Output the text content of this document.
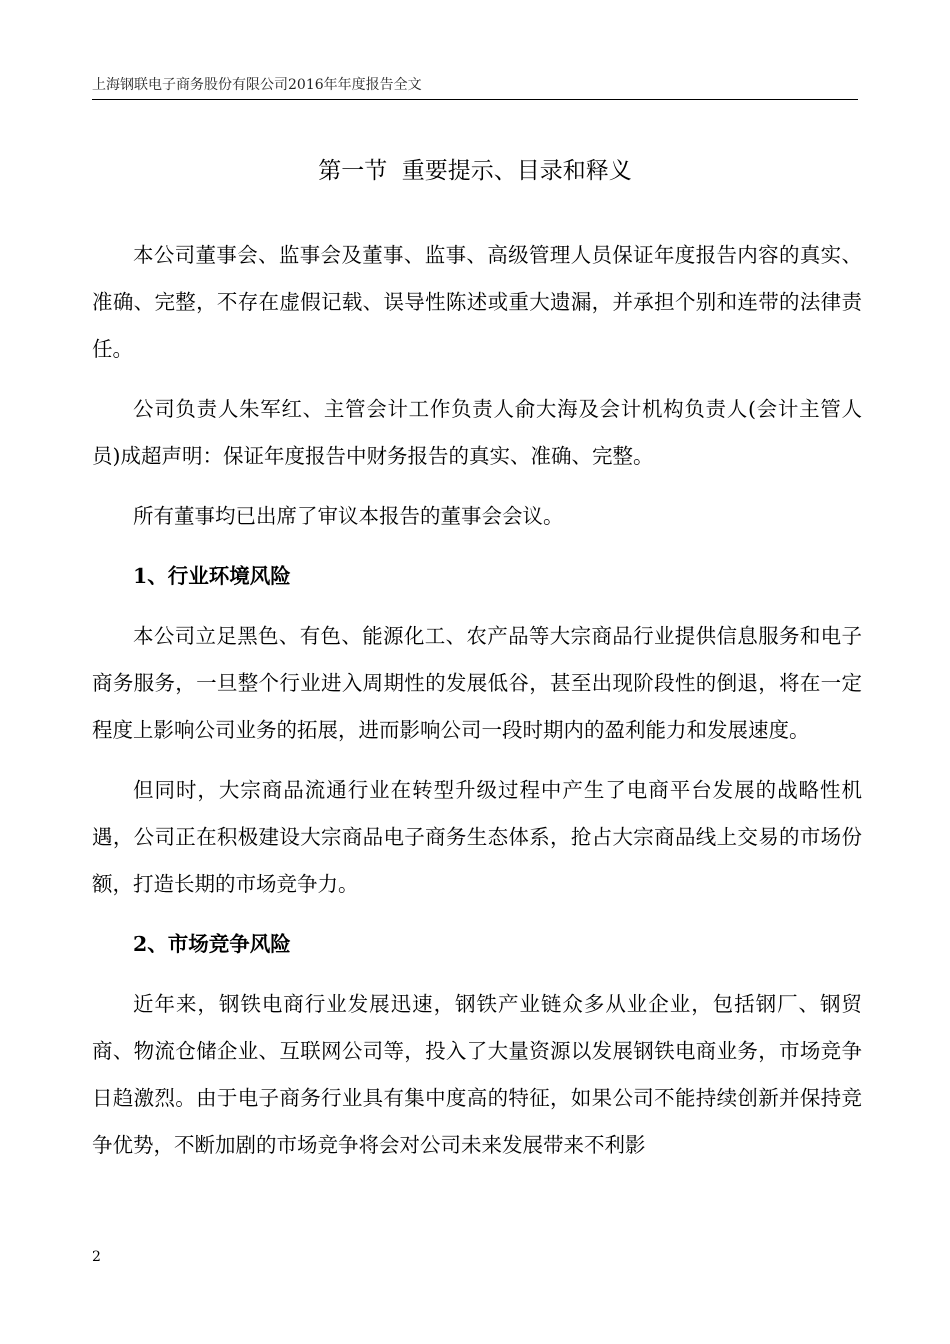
上海钢联电子商务股份有限公司2016年年度报告全文
第一节  重要提示、目录和释义

本公司董事会、监事会及董事、监事、高级管理人员保证年度报告内容的真实、准确、完整，不存在虚假记载、误导性陈述或重大遗漏，并承担个别和连带的法律责任。

公司负责人朱军红、主管会计工作负责人俞大海及会计机构负责人(会计主管人员)成超声明：保证年度报告中财务报告的真实、准确、完整。

所有董事均已出席了审议本报告的董事会会议。

1、行业环境风险

本公司立足黑色、有色、能源化工、农产品等大宗商品行业提供信息服务和电子商务服务，一旦整个行业进入周期性的发展低谷，甚至出现阶段性的倒退，将在一定程度上影响公司业务的拓展，进而影响公司一段时期内的盈利能力和发展速度。

但同时，大宗商品流通行业在转型升级过程中产生了电商平台发展的战略性机遇，公司正在积极建设大宗商品电子商务生态体系，抢占大宗商品线上交易的市场份额，打造长期的市场竞争力。

2、市场竞争风险

近年来，钢铁电商行业发展迅速，钢铁产业链众多从业企业，包括钢厂、钢贸商、物流仓储企业、互联网公司等，投入了大量资源以发展钢铁电商业务，市场竞争日趋激烈。由于电子商务行业具有集中度高的特征，如果公司不能持续创新并保持竞争优势，不断加剧的市场竞争将会对公司未来发展带来不利影

2
